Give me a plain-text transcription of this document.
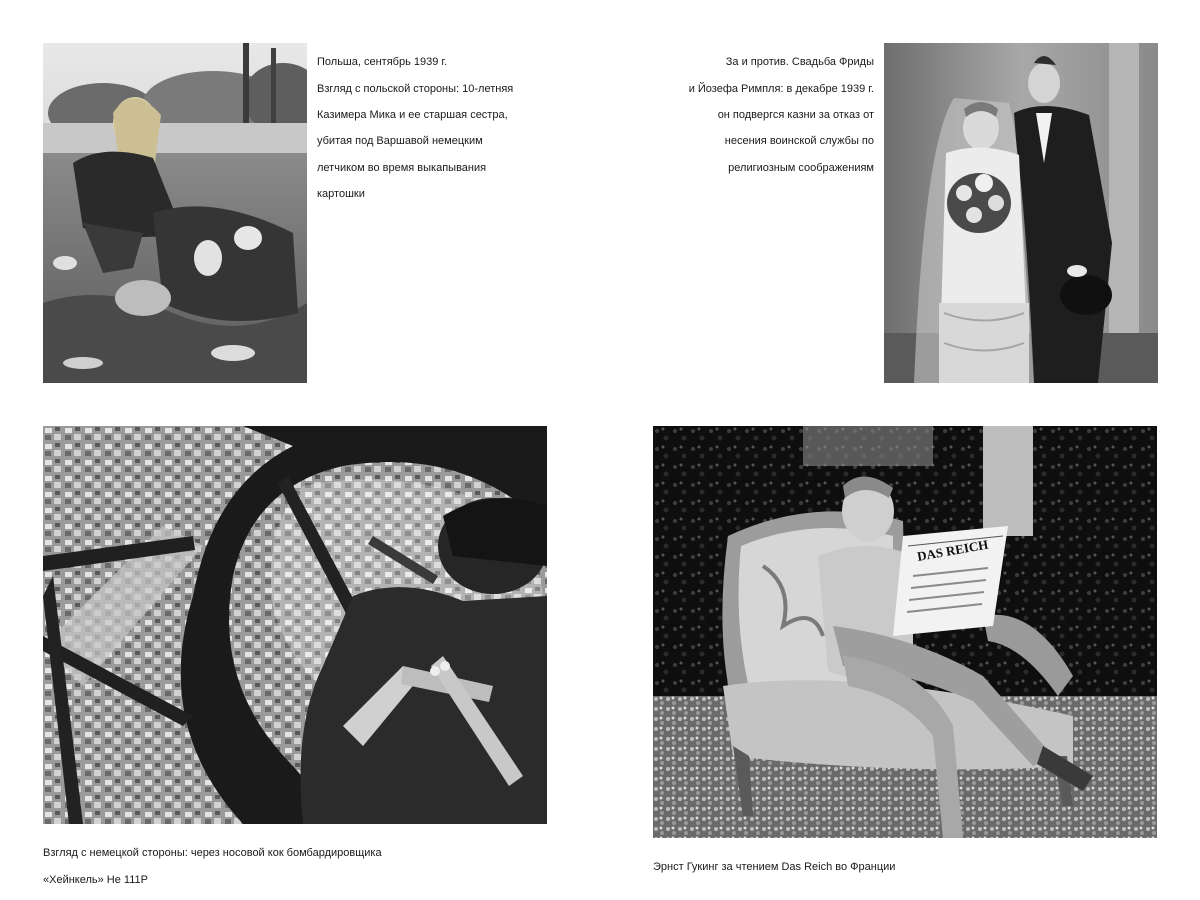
Польша, сентябрь 1939 г.

Взгляд с польской стороны: 10-летняя

Казимера Мика и ее старшая сестра,

убитая под Варшавой немецким

летчиком во время выкапывания

картошки

За и против. Свадьба Фриды

и Йозефа Римпля: в декабре 1939 г.

он подвергся казни за отказ от

несения воинской службы по

религиозным соображениям

Взгляд с немецкой стороны: через носовой кок бомбардировщика

«Хейнкель» He 111P

DAS REICH

Эрнст Гукинг за чтением Das Reich во Франции
